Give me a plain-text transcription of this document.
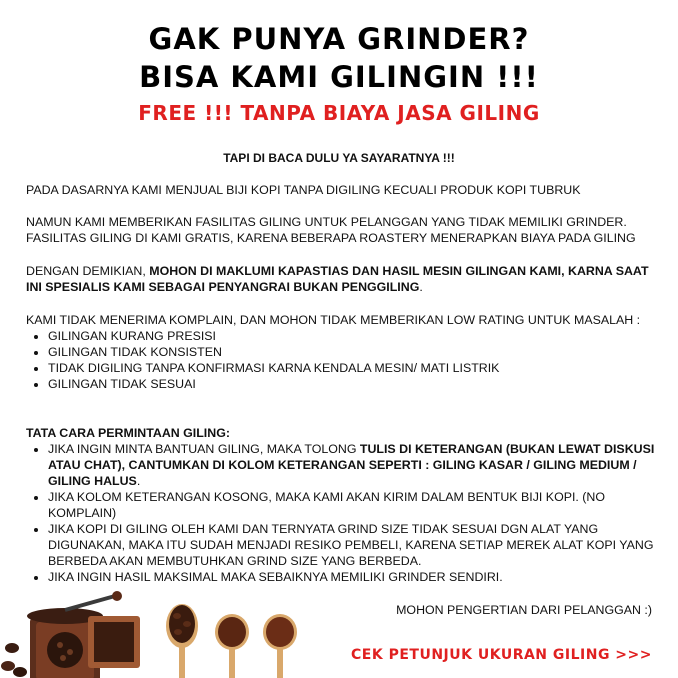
GAK PUNYA GRINDER?
BISA KAMI GILINGIN !!!
FREE !!! TANPA BIAYA JASA GILING
TAPI DI BACA DULU YA SAYARATNYA !!!

PADA DASARNYA KAMI MENJUAL BIJI KOPI TANPA DIGILING KECUALI PRODUK KOPI TUBRUK

NAMUN KAMI MEMBERIKAN FASILITAS GILING UNTUK PELANGGAN YANG TIDAK MEMILIKI GRINDER.

FASILITAS GILING DI KAMI GRATIS, KARENA BEBERAPA ROASTERY MENERAPKAN BIAYA PADA GILING

DENGAN DEMIKIAN, MOHON DI MAKLUMI KAPASTIAS DAN HASIL MESIN GILINGAN KAMI, KARNA SAAT INI SPESIALIS KAMI SEBAGAI PENYANGRAI BUKAN PENGGILING.

KAMI TIDAK MENERIMA KOMPLAIN, DAN MOHON TIDAK MEMBERIKAN LOW RATING UNTUK MASALAH :

• GILINGAN KURANG PRESISI
• GILINGAN TIDAK KONSISTEN
• TIDAK DIGILING TANPA KONFIRMASI KARNA KENDALA MESIN/ MATI LISTRIK
• GILINGAN TIDAK SESUAI

TATA CARA PERMINTAAN GILING:

• JIKA INGIN MINTA BANTUAN GILING, MAKA TOLONG TULIS DI KETERANGAN (BUKAN LEWAT DISKUSI ATAU CHAT), CANTUMKAN DI KOLOM KETERANGAN SEPERTI : GILING KASAR / GILING MEDIUM / GILING HALUS.
• JIKA KOLOM KETERANGAN KOSONG, MAKA KAMI AKAN KIRIM DALAM BENTUK BIJI KOPI. (NO KOMPLAIN)
• JIKA KOPI DI GILING OLEH KAMI DAN TERNYATA GRIND SIZE TIDAK SESUAI DGN ALAT YANG DIGUNAKAN, MAKA ITU SUDAH MENJADI RESIKO PEMBELI, KARENA SETIAP MEREK ALAT KOPI YANG BERBEDA AKAN MEMBUTUHKAN GRIND SIZE YANG BERBEDA.
• JIKA INGIN HASIL MAKSIMAL MAKA SEBAIKNYA MEMILIKI GRINDER SENDIRI.
MOHON PENGERTIAN DARI PELANGGAN :)
CEK PETUNJUK UKURAN GILING >>>
